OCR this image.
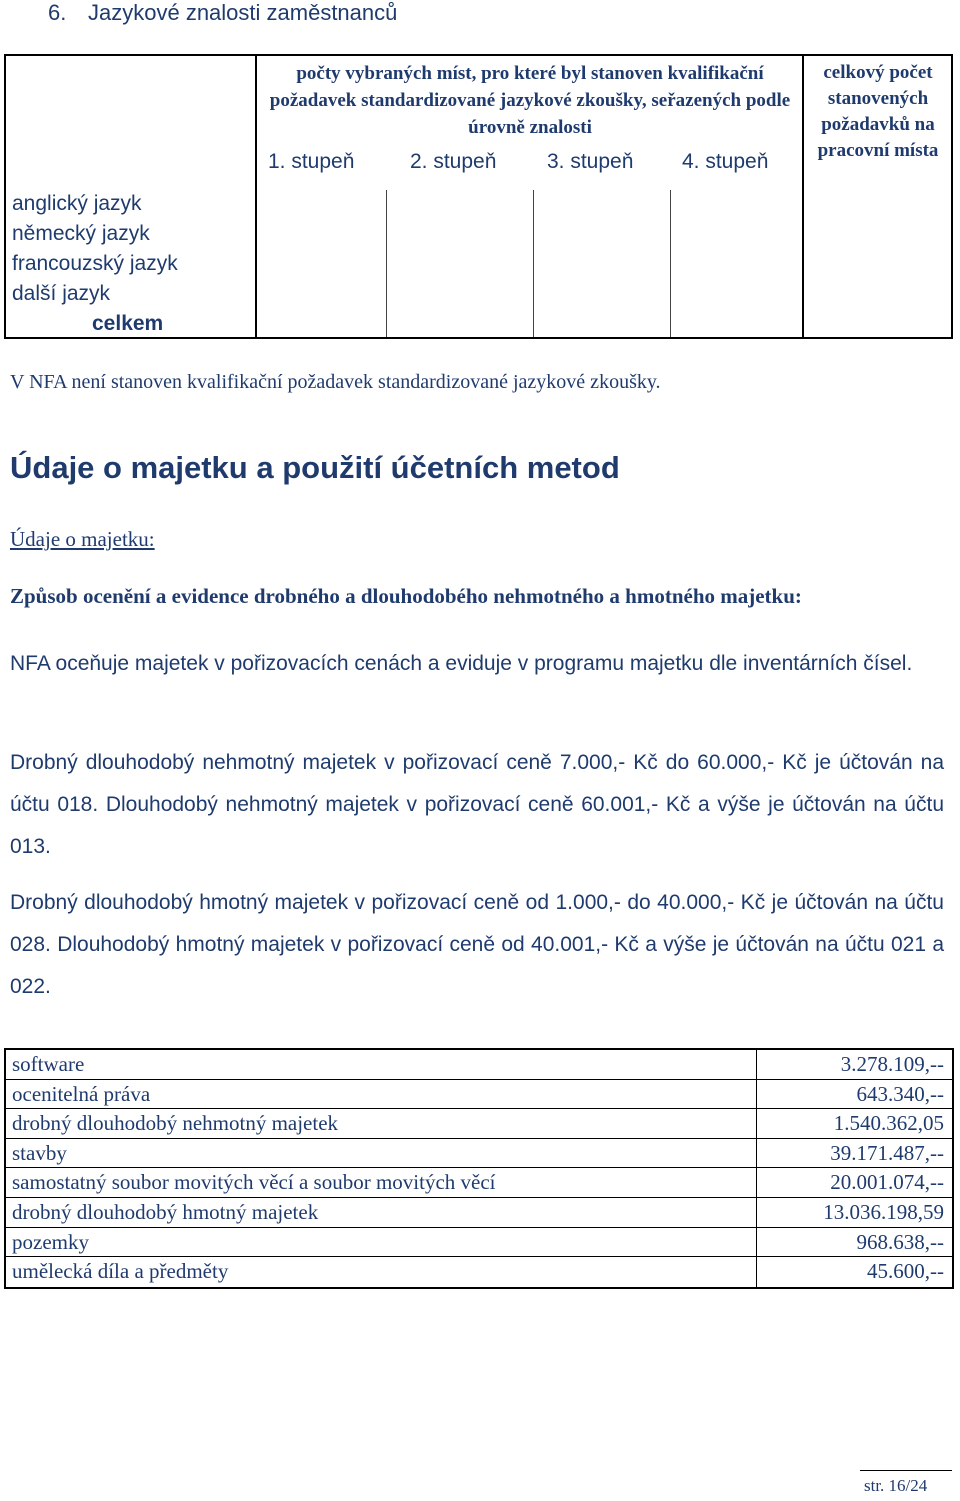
6. Jazykové znalosti zaměstnanců
počty vybraných míst, pro které byl stanoven kvalifikační požadavek standardizované jazykové zkoušky, seřazených podle úrovně znalosti
celkový počet stanovených požadavků na pracovní místa
1. stupeň	2. stupeň 3. stupeň 4. stupeň
anglický jazyk
německý jazyk
francouzský jazyk
další jazyk
celkem
V NFA není stanoven kvalifikační požadavek standardizované jazykové zkoušky.
Údaje o majetku a použití účetních metod
Údaje o majetku:
Způsob ocenění a evidence drobného a dlouhodobého nehmotného a hmotného majetku:
NFA oceňuje majetek v pořizovacích cenách a eviduje v programu majetku dle inventárních čísel.
Drobný dlouhodobý nehmotný majetek v pořizovací ceně 7.000,- Kč do 60.000,- Kč je účtován na účtu 018. Dlouhodobý nehmotný majetek v pořizovací ceně 60.001,- Kč a výše je účtován na účtu 013.
Drobný dlouhodobý hmotný majetek v pořizovací ceně od 1.000,- do 40.000,- Kč je účtován na účtu 028. Dlouhodobý hmotný majetek v pořizovací ceně od 40.001,- Kč a výše je účtován na účtu 021 a 022.
software	3.278.109,--
ocenitelná práva	643.340,--
drobný dlouhodobý nehmotný majetek	1.540.362,05
stavby	39.171.487,--
samostatný soubor movitých věcí a soubor movitých věcí	20.001.074,--
drobný dlouhodobý hmotný majetek	13.036.198,59
pozemky	968.638,--
umělecká díla a předměty	45.600,--
str. 16/24
